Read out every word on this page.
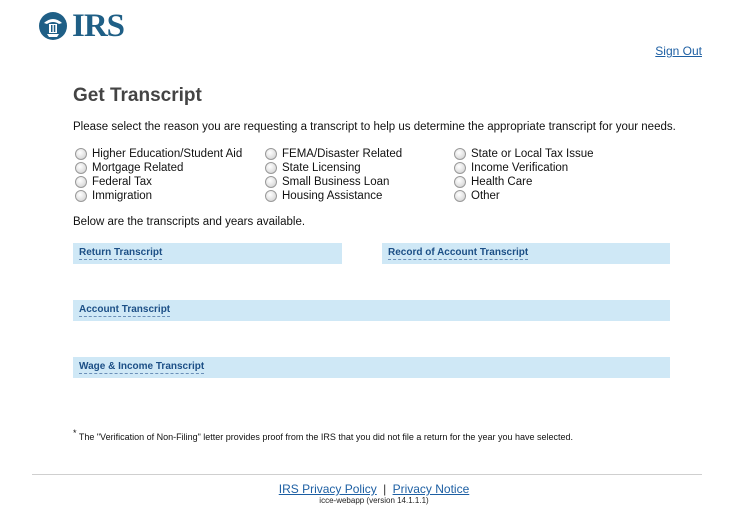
IRS
Sign Out
Get Transcript
Please select the reason you are requesting a transcript to help us determine the appropriate transcript for your needs.
Higher Education/Student Aid
Mortgage Related
Federal Tax
Immigration
FEMA/Disaster Related
State Licensing
Small Business Loan
Housing Assistance
State or Local Tax Issue
Income Verification
Health Care
Other
Below are the transcripts and years available.
Return Transcript	Record of Account Transcript
Account Transcript
Wage & Income Transcript
* The "Verification of Non-Filing" letter provides proof from the IRS that you did not file a return for the year you have selected.
IRS Privacy Policy | Privacy Notice
icce-webapp (version 14.1.1.1)
